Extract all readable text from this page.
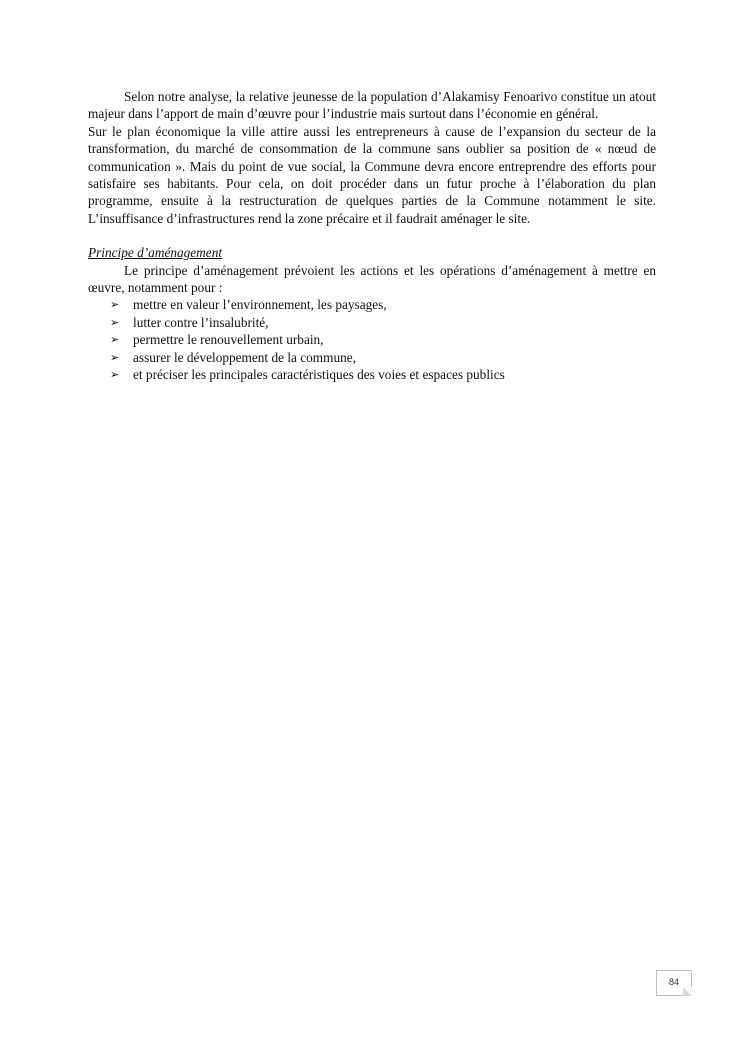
Selon notre analyse, la relative jeunesse de la population d’Alakamisy Fenoarivo constitue un atout majeur dans l’apport de main d’œuvre pour l’industrie mais surtout dans l’économie en général.

Sur le plan économique la ville attire aussi les entrepreneurs à cause de l’expansion du secteur de la transformation, du marché de consommation de la commune sans oublier sa position de « nœud de communication ». Mais du point de vue social, la Commune devra encore entreprendre des efforts pour satisfaire ses habitants. Pour cela, on doit procéder dans un futur proche à l’élaboration du plan programme, ensuite à la restructuration de quelques parties de la Commune notamment le site. L’insuffisance d’infrastructures rend la zone précaire et il faudrait aménager le site.

Principe d’aménagement

Le principe d’aménagement prévoient les actions et les opérations d’aménagement à mettre en œuvre, notamment pour :

➢ mettre en valeur l’environnement, les paysages,
➢ lutter contre l’insalubrité,
➢ permettre le renouvellement urbain,
➢ assurer le développement de la commune,
➢ et préciser les principales caractéristiques des voies et espaces publics
84
